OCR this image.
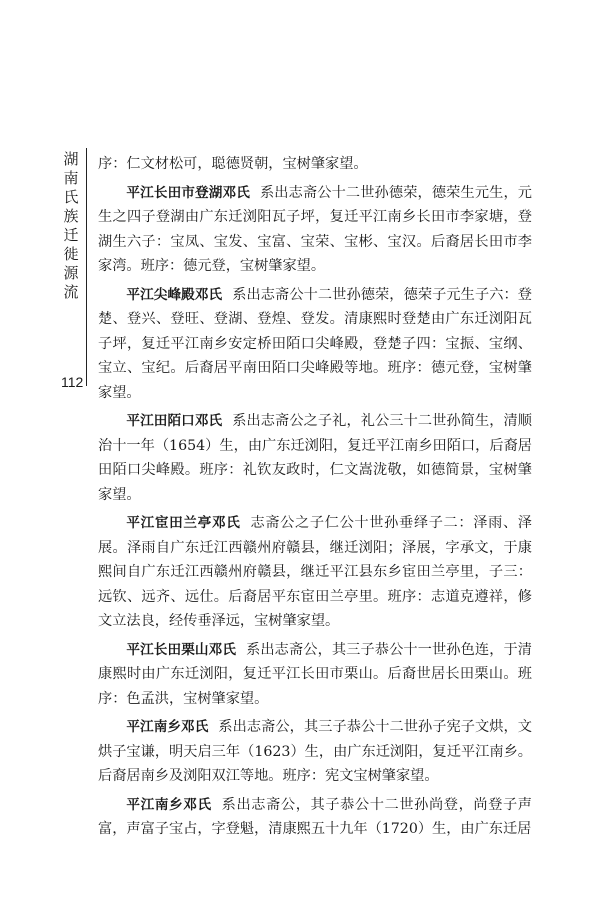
湖南氏族迁徙源流
112

序：仁文材松可，聪德贤朝，宝树肇家望。

平江长田市登湖邓氏 系出志斋公十二世孙德荣，德荣生元生，元生之四子登湖由广东迁浏阳瓦子坪，复迁平江南乡长田市李家塘，登湖生六子：宝凤、宝发、宝富、宝荣、宝彬、宝汉。后裔居长田市李家湾。班序：德元登，宝树肇家望。

平江尖峰殿邓氏 系出志斋公十二世孙德荣，德荣子元生子六：登楚、登兴、登旺、登湖、登煌、登发。清康熙时登楚由广东迁浏阳瓦子坪，复迁平江南乡安定桥田陌口尖峰殿，登楚子四：宝振、宝纲、宝立、宝纪。后裔居平南田陌口尖峰殿等地。班序：德元登，宝树肇家望。

平江田陌口邓氏 系出志斋公之子礼，礼公三十二世孙简生，清顺治十一年（1654）生，由广东迁浏阳，复迁平江南乡田陌口，后裔居田陌口尖峰殿。班序：礼钦友政时，仁文嵩泷敬，如德简景，宝树肇家望。

平江宦田兰亭邓氏 志斋公之子仁公十世孙垂绎子二：泽雨、泽展。泽雨自广东迁江西赣州府赣县，继迁浏阳；泽展，字承文，于康熙间自广东迁江西赣州府赣县，继迁平江县东乡宦田兰亭里，子三：远钦、远齐、远仕。后裔居平东宦田兰亭里。班序：志道克遵祥，修文立法良，经传垂泽远，宝树肇家望。

平江长田栗山邓氏 系出志斋公，其三子恭公十一世孙色连，于清康熙时由广东迁浏阳，复迁平江长田市栗山。后裔世居长田栗山。班序：色孟洪，宝树肇家望。

平江南乡邓氏 系出志斋公，其三子恭公十二世孙子宪子文烘，文烘子宝谦，明天启三年（1623）生，由广东迁浏阳，复迁平江南乡。后裔居南乡及浏阳双江等地。班序：宪文宝树肇家望。

平江南乡邓氏 系出志斋公，其子恭公十二世孙尚登，尚登子声富，声富子宝占，字登魁，清康熙五十九年（1720）生，由广东迁居
